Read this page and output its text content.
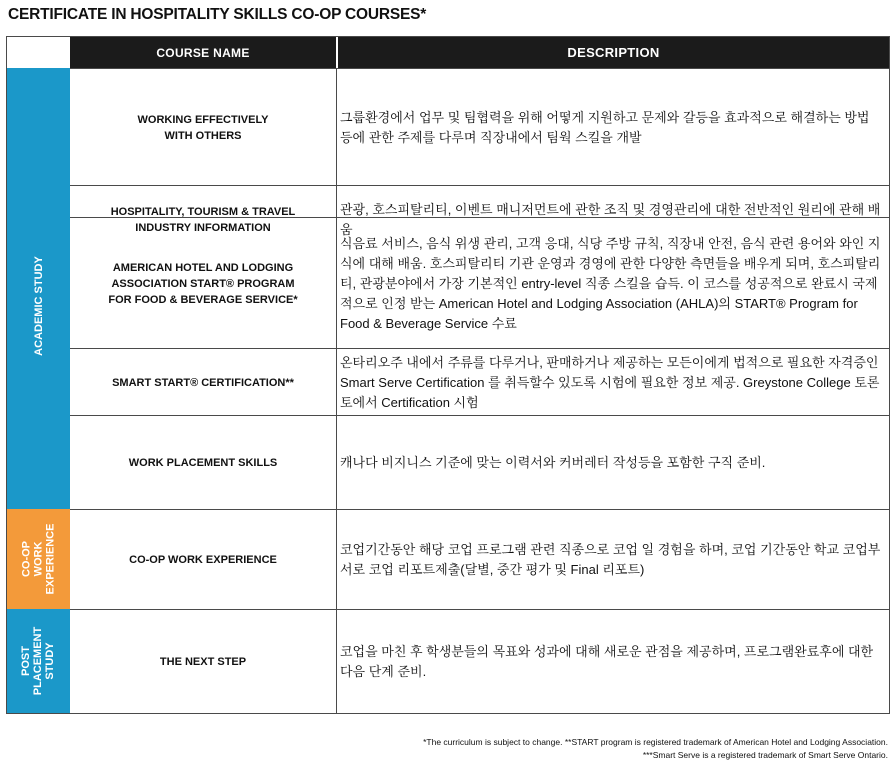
CERTIFICATE IN HOSPITALITY SKILLS CO-OP COURSES*
COURSE NAME	DESCRIPTION
ACADEMIC STUDY
CO-OP WORK EXPERIENCE
POST PLACEMENT STUDY
WORKING EFFECTIVELY
WITH OTHERS
그룹환경에서 업무 및 팀협력을 위해 어떻게 지원하고 문제와 갈등을 효과적으로 해결하는 방법등에 관한 주제를 다루며 직장내에서 팀웍 스킬을 개발
HOSPITALITY, TOURISM & TRAVEL
INDUSTRY INFORMATION
관광, 호스피탈리티, 이벤트 매니저먼트에 관한 조직 및 경영관리에 대한 전반적인 원리에 관해 배움
AMERICAN HOTEL AND LODGING
ASSOCIATION START® PROGRAM
FOR FOOD & BEVERAGE SERVICE*
식음료 서비스, 음식 위생 관리, 고객 응대, 식당 주방 규칙, 직장내 안전, 음식 관련 용어와 와인 지식에 대해 배움. 호스피탈리티 기관 운영과 경영에 관한 다양한 측면들을 배우게 되며, 호스피탈리티, 관광분야에서 가장 기본적인 entry-level 직종 스킬을 습득. 이 코스를 성공적으로 완료시 국제적으로 인정 받는 American Hotel and Lodging Association (AHLA)의 START® Program for Food & Beverage Service 수료
SMART START® CERTIFICATION**
온타리오주 내에서 주류를 다루거나, 판매하거나 제공하는 모든이에게 법적으로 필요한 자격증인Smart Serve Certification 를 취득할수 있도록 시험에 필요한 정보 제공. Greystone College 토론토에서 Certification 시험
WORK PLACEMENT SKILLS	캐나다 비지니스 기준에 맞는 이력서와 커버레터 작성등을 포함한 구직 준비.
CO-OP WORK EXPERIENCE
코업기간동안 해당 코업 프로그램 관련 직종으로 코업 일 경험을 하며, 코업 기간동안 학교 코업부서로 코업 리포트제출(달별, 중간 평가 및 Final 리포트)
THE NEXT STEP
코업을 마친 후 학생분들의 목표와 성과에 대해 새로운 관점을 제공하며, 프로그램완료후에 대한 다음 단계 준비.
*The curriculum is subject to change. **START program is registered trademark of American Hotel and Lodging Association.
***Smart Serve is a registered trademark of Smart Serve Ontario.
